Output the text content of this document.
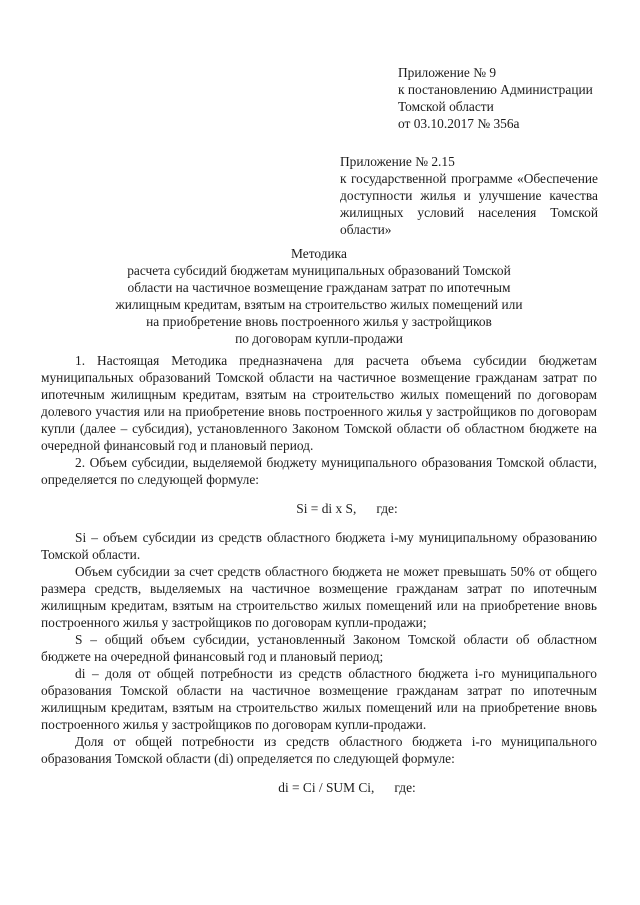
Приложение № 9
к постановлению Администрации
Томской области
от 03.10.2017 № 356а
Приложение № 2.15
к государственной программе «Обеспечение
доступности жилья и улучшение качества
жилищных условий населения Томской
области»
Методика
расчета субсидий бюджетам муниципальных образований Томской
области на частичное возмещение гражданам затрат по ипотечным
жилищным кредитам, взятым на строительство жилых помещений или
на приобретение вновь построенного жилья у застройщиков
по договорам купли-продажи

1. Настоящая Методика предназначена для расчета объема субсидии бюджетам муниципальных образований Томской области на частичное возмещение гражданам затрат по ипотечным жилищным кредитам, взятым на строительство жилых помещений по договорам долевого участия или на приобретение вновь построенного жилья у застройщиков по договорам купли (далее – субсидия), установленного Законом Томской области об областном бюджете на очередной финансовый год и плановый период.

2. Объем субсидии, выделяемой бюджету муниципального образования Томской области, определяется по следующей формуле:

Si = di x S,      где:

Si – объем субсидии из средств областного бюджета i-му муниципальному образованию Томской области.

Объем субсидии за счет средств областного бюджета не может превышать 50% от общего размера средств, выделяемых на частичное возмещение гражданам затрат по ипотечным жилищным кредитам, взятым на строительство жилых помещений или на приобретение вновь построенного жилья у застройщиков по договорам купли-продажи;

S – общий объем субсидии, установленный Законом Томской области об областном бюджете на очередной финансовый год и плановый период;

di – доля от общей потребности из средств областного бюджета i-го муниципального образования Томской области на частичное возмещение гражданам затрат по ипотечным жилищным кредитам, взятым на строительство жилых помещений или на приобретение вновь построенного жилья у застройщиков по договорам купли-продажи.

Доля от общей потребности из средств областного бюджета i-го муниципального образования Томской области (di) определяется по следующей формуле:

di = Ci / SUM Ci,      где:
